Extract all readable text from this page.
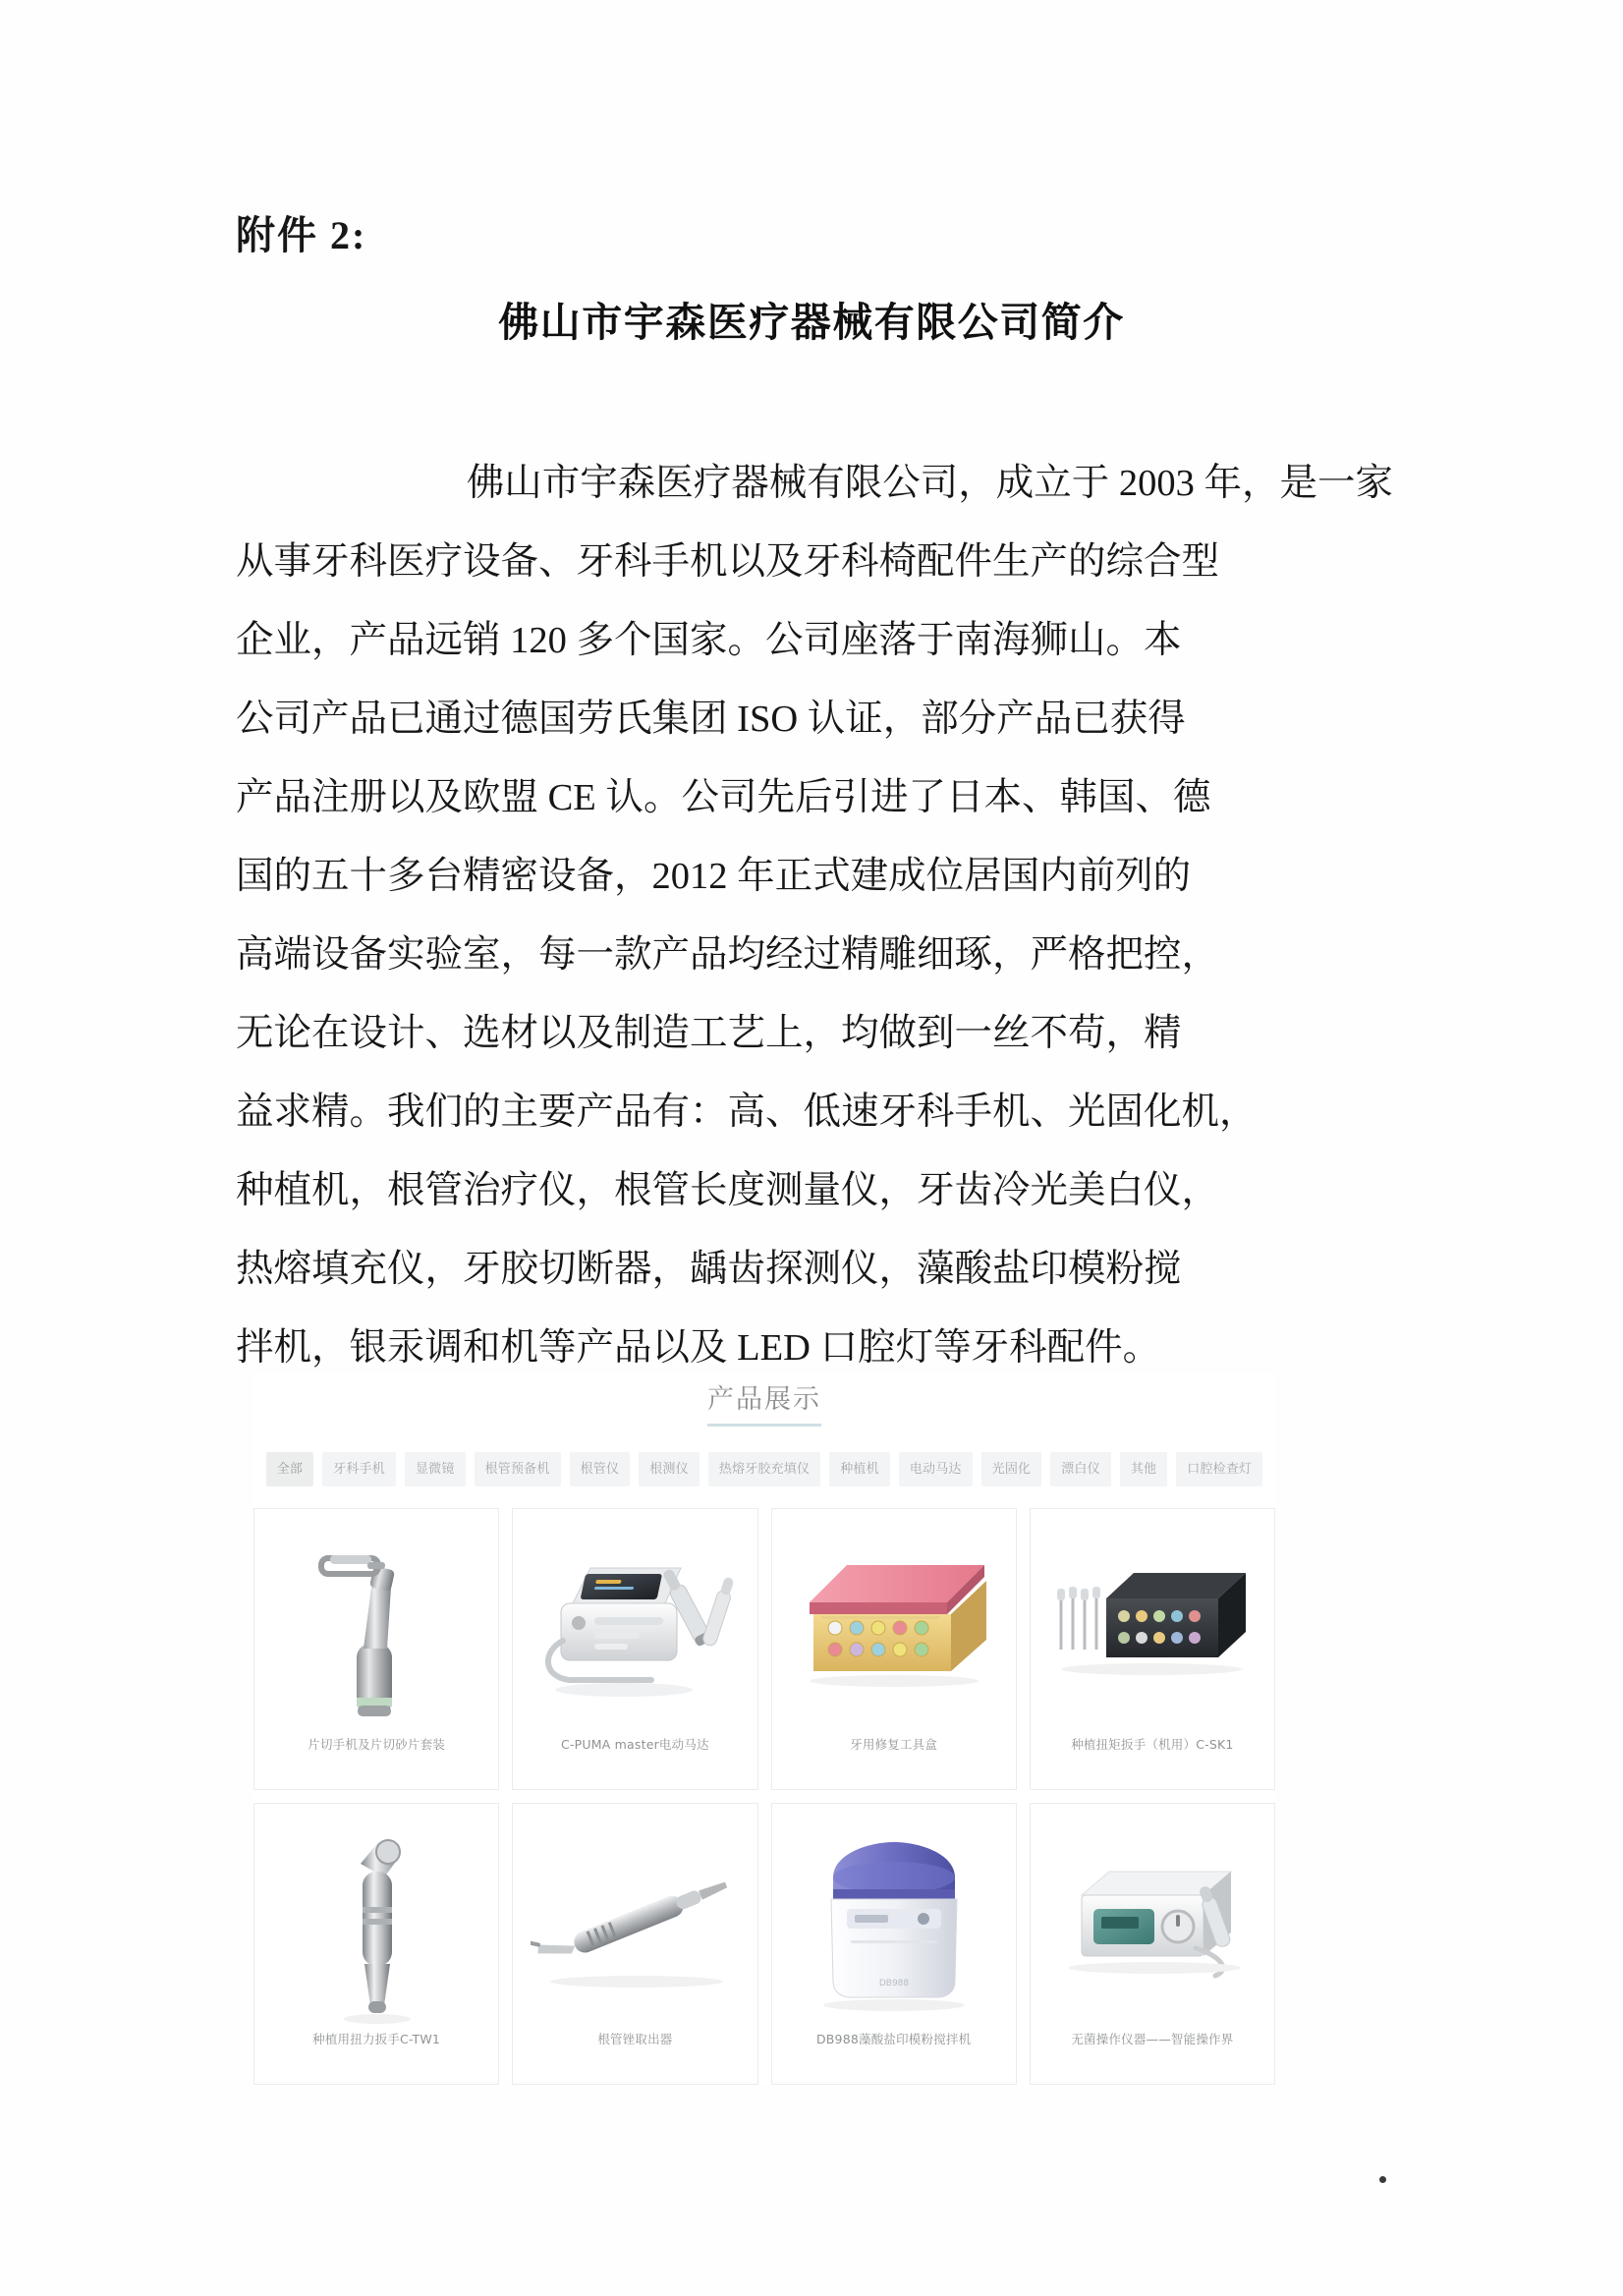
附件 2:
佛山市宇森医疗器械有限公司简介
佛山市宇森医疗器械有限公司，成立于 2003 年，是一家
从事牙科医疗设备、牙科手机以及牙科椅配件生产的综合型
企业，产品远销 120 多个国家。公司座落于南海狮山。本
公司产品已通过德国劳氏集团 ISO 认证，部分产品已获得
产品注册以及欧盟 CE 认。公司先后引进了日本、韩国、德
国的五十多台精密设备，2012 年正式建成位居国内前列的
高端设备实验室，每一款产品均经过精雕细琢，严格把控，
无论在设计、选材以及制造工艺上，均做到一丝不苟，精
益求精。我们的主要产品有：高、低速牙科手机、光固化机，
种植机，根管治疗仪，根管长度测量仪，牙齿冷光美白仪，
热熔填充仪，牙胶切断器，龋齿探测仪，藻酸盐印模粉搅
拌机，银汞调和机等产品以及 LED 口腔灯等牙科配件。
产品展示
全部	牙科手机	显微镜	根管预备机	根管仪	根测仪	热熔牙胶充填仪	种植机	电动马达	光固化	漂白仪	其他	口腔检查灯
片切手机及片切砂片套装	C-PUMA master电动马达	牙用修复工具盒	种植扭矩扳手（机用）C-SK1
种植用扭力扳手C-TW1	根管锉取出器
DB988
DB988藻酸盐印模粉搅拌机	无菌操作仪器——智能操作界
